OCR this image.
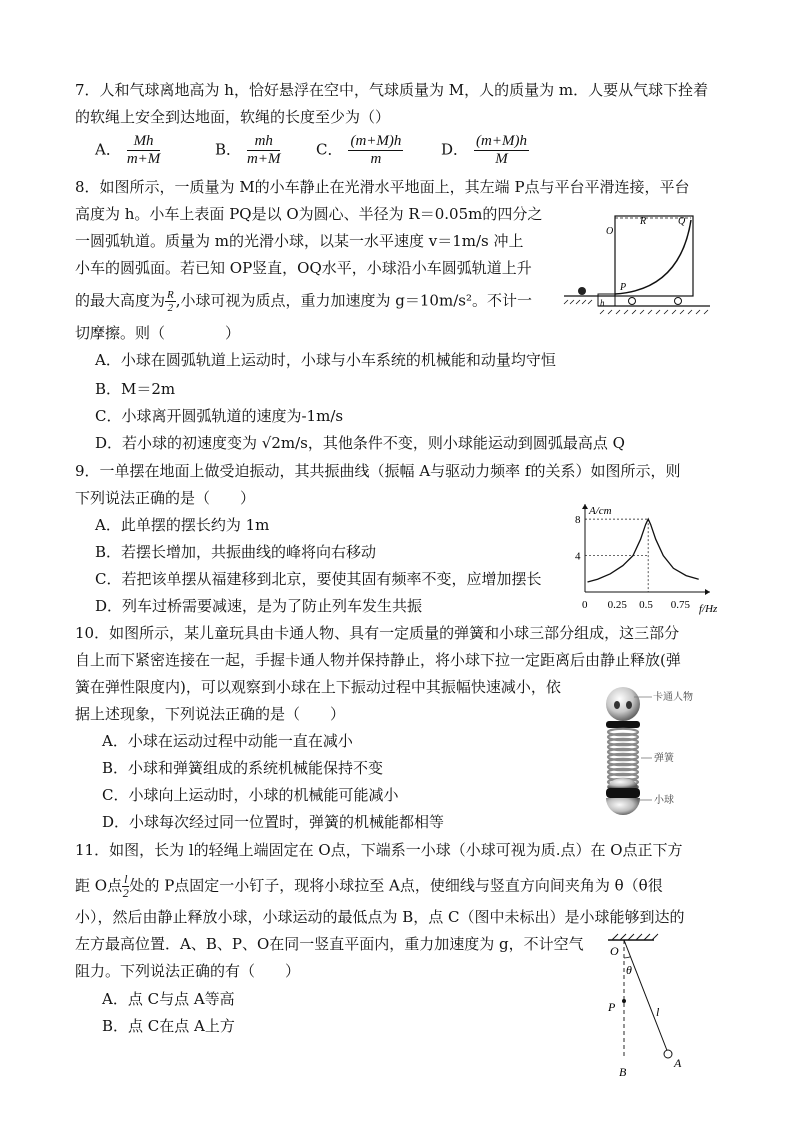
7．人和气球离地高为 h，恰好悬浮在空中，气球质量为 M，人的质量为 m．人要从气球下拴着
的软绳上安全到达地面，软绳的长度至少为（）
A． $\frac{Mh}{m+M}$	B． $\frac{mh}{m+M}$ C． $\frac{(m+M)h}{m}$	D． $\frac{(m+M)h}{M}$
8．如图所示，一质量为 M的小车静止在光滑水平地面上，其左端 P点与平台平滑连接，平台
高度为 h。小车上表面 PQ是以 O为圆心、半径为 R＝0.05m的四分之
一圆弧轨道。质量为 m的光滑小球，以某一水平速度 v＝1m/s 冲上
小车的圆弧面。若已知 OP竖直，OQ水平，小球沿小车圆弧轨道上升
的最大高度为 $\frac{R}{2}$ ,小球可视为质点，重力加速度为 g＝10m/s²。不计一
切摩擦。则（　　　　）
A．小球在圆弧轨道上运动时，小球与小车系统的机械能和动量均守恒
B．M＝2m
C．小球离开圆弧轨道的速度为-1m/s
D．若小球的初速度变为 √2m/s，其他条件不变，则小球能运动到圆弧最高点 Q
R	Q
O
P
h
9．一单摆在地面上做受迫振动，其共振曲线（振幅 A与驱动力频率 f的关系）如图所示，则
下列说法正确的是（　　）
A．此单摆的摆长约为 1m
B．若摆长增加，共振曲线的峰将向右移动
C．若把该单摆从福建移到北京，要使其固有频率不变，应增加摆长
D．列车过桥需要减速，是为了防止列车发生共振
A/cm
f/Hz
4
8
0 0.25 0.5 0.75
10．如图所示，某儿童玩具由卡通人物、具有一定质量的弹簧和小球三部分组成，这三部分
自上而下紧密连接在一起，手握卡通人物并保持静止，将小球下拉一定距离后由静止释放(弹
簧在弹性限度内)，可以观察到小球在上下振动过程中其振幅快速减小，依
据上述现象，下列说法正确的是（　　）
A．小球在运动过程中动能一直在减小
B．小球和弹簧组成的系统机械能保持不变
C．小球向上运动时，小球的机械能可能减小
D．小球每次经过同一位置时，弹簧的机械能都相等
卡通人物
弹簧
小球
11．如图，长为 l的轻绳上端固定在 O点，下端系一小球（小球可视为质.点）在 O点正下方
距 O点 $\frac{l}{2}$ 处的 P点固定一小钉子，现将小球拉至 A点，使细线与竖直方向间夹角为 θ（θ很
小），然后由静止释放小球，小球运动的最低点为 B，点 C（图中未标出）是小球能够到达的
左方最高位置．A、B、P、O在同一竖直平面内，重力加速度为 g，不计空气
阻力。下列说法正确的有（　　）
A．点 C与点 A等高
B．点 C在点 A上方
O
θ
P	l
A
B
